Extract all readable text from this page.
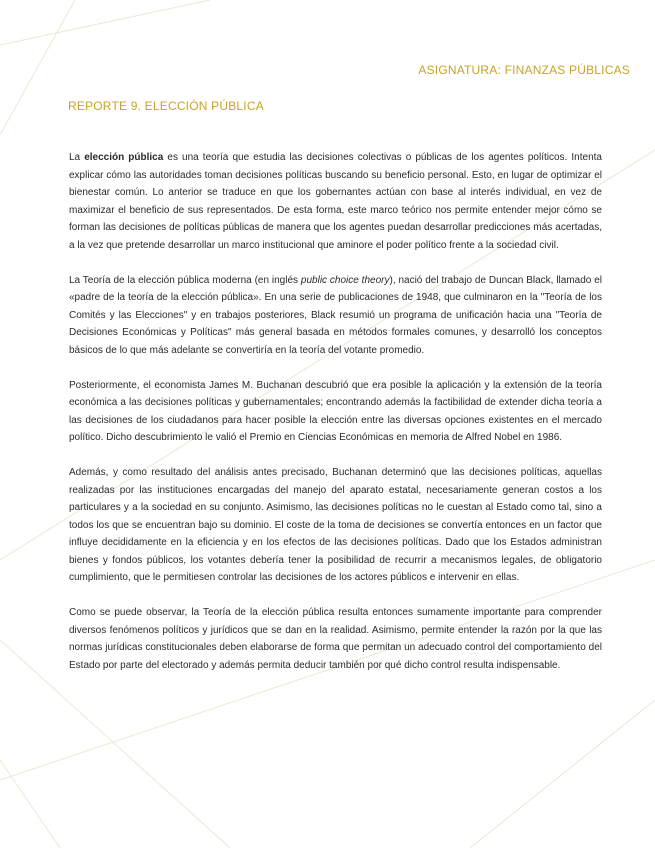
ASIGNATURA: FINANZAS PÚBLICAS
REPORTE 9. ELECCIÓN PÚBLICA

La elección pública es una teoría que estudia las decisiones colectivas o públicas de los agentes políticos. Intenta explicar cómo las autoridades toman decisiones políticas buscando su beneficio personal. Esto, en lugar de optimizar el bienestar común. Lo anterior se traduce en que los gobernantes actúan con base al interés individual, en vez de maximizar el beneficio de sus representados. De esta forma, este marco teórico nos permite entender mejor cómo se forman las decisiones de políticas públicas de manera que los agentes puedan desarrollar predicciones más acertadas, a la vez que pretende desarrollar un marco institucional que aminore el poder político frente a la sociedad civil.

La Teoría de la elección pública moderna (en inglés public choice theory), nació del trabajo de Duncan Black, llamado el «padre de la teoría de la elección pública». En una serie de publicaciones de 1948, que culminaron en la "Teoría de los Comités y las Elecciones" y en trabajos posteriores, Black resumió un programa de unificación hacia una "Teoría de Decisiones Económicas y Políticas" más general basada en métodos formales comunes, y desarrolló los conceptos básicos de lo que más adelante se convertiría en la teoría del votante promedio.

Posteriormente, el economista James M. Buchanan descubrió que era posible la aplicación y la extensión de la teoría económica a las decisiones políticas y gubernamentales; encontrando además la factibilidad de extender dicha teoría a las decisiones de los ciudadanos para hacer posible la elección entre las diversas opciones existentes en el mercado político. Dicho descubrimiento le valió el Premio en Ciencias Económicas en memoria de Alfred Nobel en 1986.

Además, y como resultado del análisis antes precisado, Buchanan determinó que las decisiones políticas, aquellas realizadas por las instituciones encargadas del manejo del aparato estatal, necesariamente generan costos a los particulares y a la sociedad en su conjunto. Asimismo, las decisiones políticas no le cuestan al Estado como tal, sino a todos los que se encuentran bajo su dominio. El coste de la toma de decisiones se convertía entonces en un factor que influye decididamente en la eficiencia y en los efectos de las decisiones políticas. Dado que los Estados administran bienes y fondos públicos, los votantes debería tener la posibilidad de recurrir a mecanismos legales, de obligatorio cumplimiento, que le permitiesen controlar las decisiones de los actores públicos e intervenir en ellas.

Como se puede observar, la Teoría de la elección pública resulta entonces sumamente importante para comprender diversos fenómenos políticos y jurídicos que se dan en la realidad. Asimismo, permite entender la razón por la que las normas jurídicas constitucionales deben elaborarse de forma que permitan un adecuado control del comportamiento del Estado por parte del electorado y además permita deducir también por qué dicho control resulta indispensable.
